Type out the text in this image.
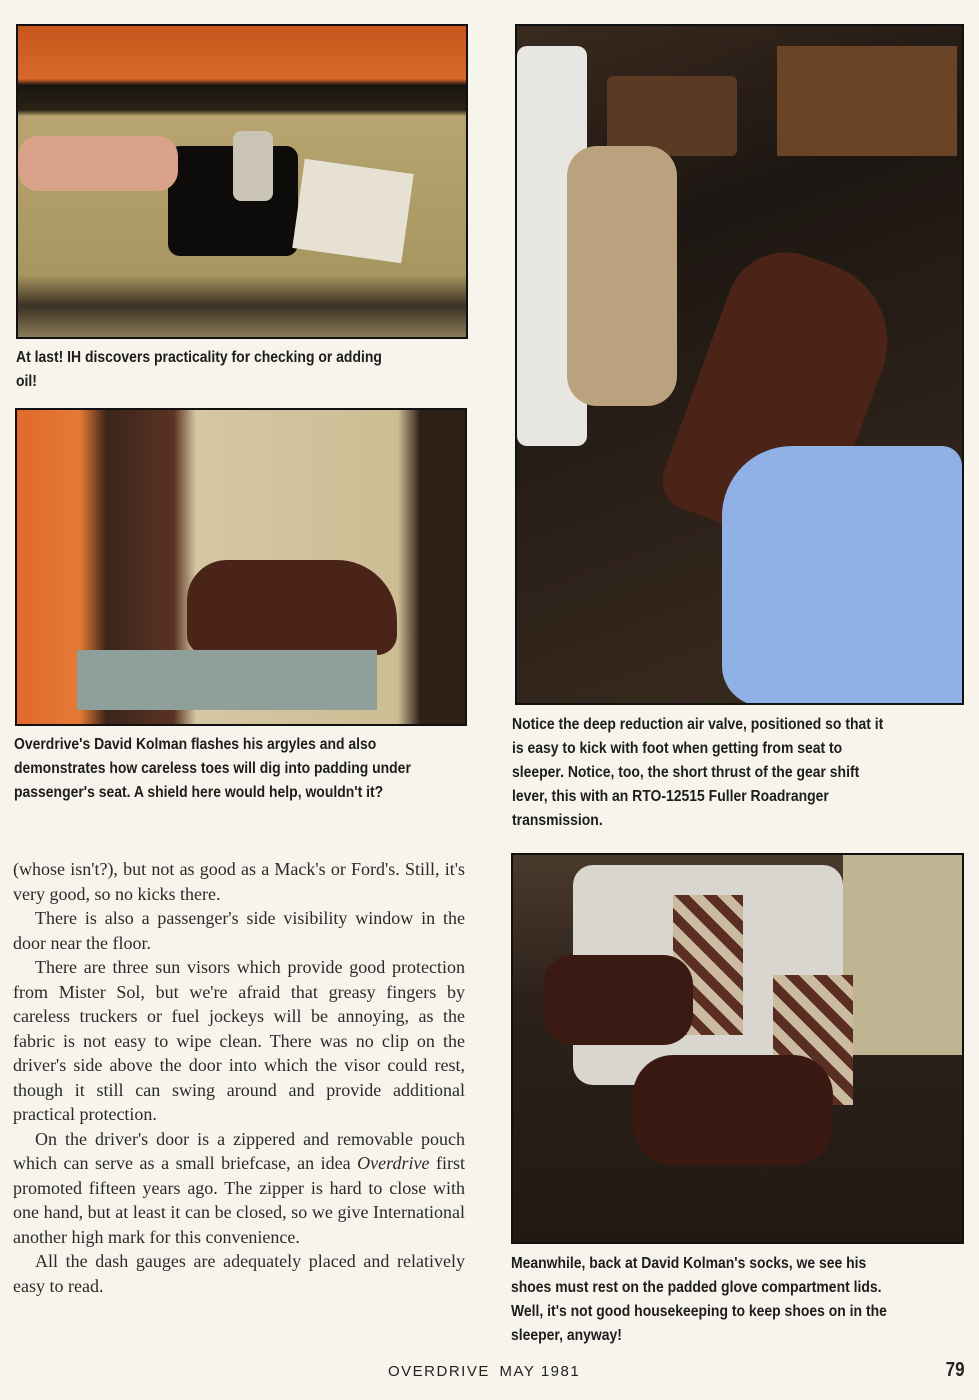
At last! IH discovers practicality for checking or adding oil!
Overdrive's David Kolman flashes his argyles and also demonstrates how careless toes will dig into padding under passenger's seat. A shield here would help, wouldn't it?

(whose isn't?), but not as good as a Mack's or Ford's. Still, it's very good, so no kicks there.

There is also a passenger's side visibility window in the door near the floor.

There are three sun visors which provide good protection from Mister Sol, but we're afraid that greasy fingers by careless truckers or fuel jockeys will be annoying, as the fabric is not easy to wipe clean. There was no clip on the driver's side above the door into which the visor could rest, though it still can swing around and provide additional practical protection.

On the driver's door is a zippered and removable pouch which can serve as a small briefcase, an idea Overdrive first promoted fifteen years ago. The zipper is hard to close with one hand, but at least it can be closed, so we give International another high mark for this convenience.

All the dash gauges are adequately placed and relatively easy to read.

Notice the deep reduction air valve, positioned so that it is easy to kick with foot when getting from seat to sleeper. Notice, too, the short thrust of the gear shift lever, this with an RTO-12515 Fuller Roadranger transmission.
Meanwhile, back at David Kolman's socks, we see his shoes must rest on the padded glove compartment lids. Well, it's not good housekeeping to keep shoes on in the sleeper, anyway!
OVERDRIVE MAY 1981	79
